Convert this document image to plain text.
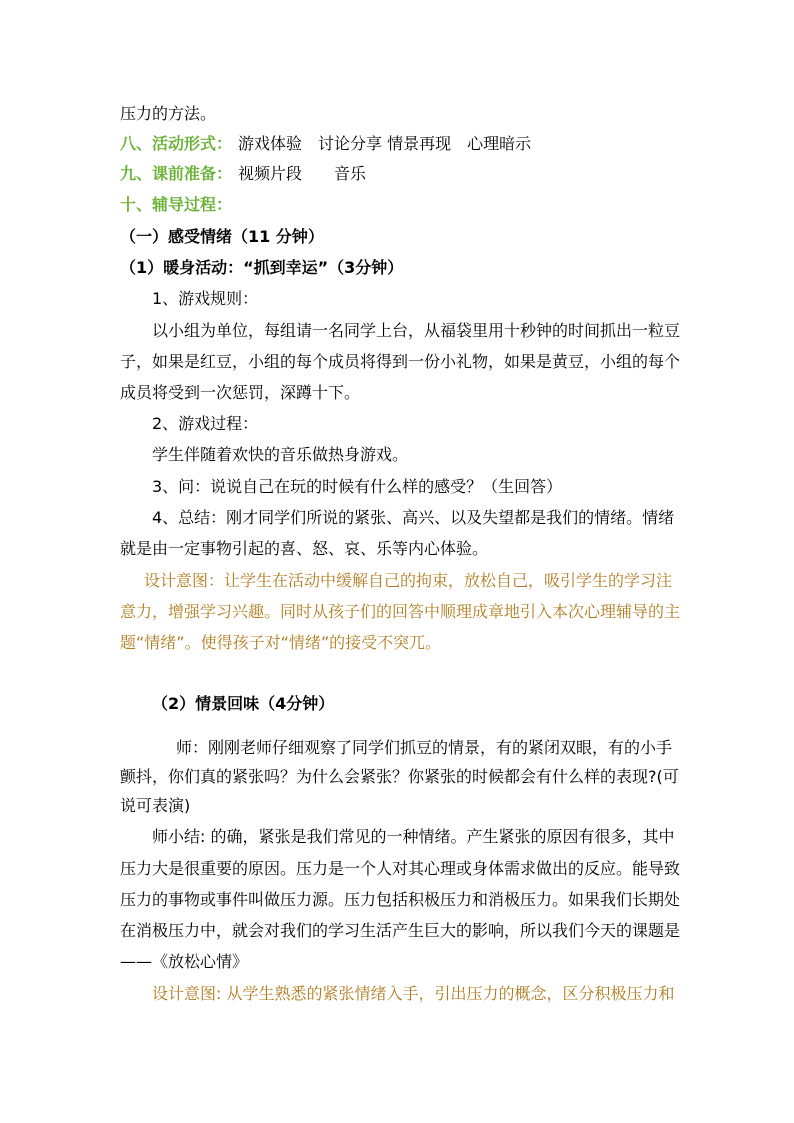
压力的方法。
八、活动形式： 游戏体验　讨论分享 情景再现　心理暗示
九、课前准备： 视频片段　　音乐
十、辅导过程：
（一）感受情绪（11 分钟）
（1）暖身活动：“抓到幸运”（3分钟）
1、游戏规则：
以小组为单位，每组请一名同学上台，从福袋里用十秒钟的时间抓出一粒豆
子，如果是红豆，小组的每个成员将得到一份小礼物，如果是黄豆，小组的每个
成员将受到一次惩罚，深蹲十下。
2、游戏过程：
学生伴随着欢快的音乐做热身游戏。
3、问：说说自己在玩的时候有什么样的感受？（生回答）
4、总结：刚才同学们所说的紧张、高兴、以及失望都是我们的情绪。情绪
就是由一定事物引起的喜、怒、哀、乐等内心体验。
设计意图：让学生在活动中缓解自己的拘束，放松自己，吸引学生的学习注
意力，增强学习兴趣。同时从孩子们的回答中顺理成章地引入本次心理辅导的主
题“情绪”。使得孩子对“情绪”的接受不突兀。
（2）情景回味（4分钟）
师：刚刚老师仔细观察了同学们抓豆的情景，有的紧闭双眼，有的小手
颤抖，你们真的紧张吗？为什么会紧张？你紧张的时候都会有什么样的表现?(可
说可表演)
师小结: 的确，紧张是我们常见的一种情绪。产生紧张的原因有很多，其中
压力大是很重要的原因。压力是一个人对其心理或身体需求做出的反应。能导致
压力的事物或事件叫做压力源。压力包括积极压力和消极压力。如果我们长期处
在消极压力中，就会对我们的学习生活产生巨大的影响，所以我们今天的课题是
——《放松心情》
设计意图: 从学生熟悉的紧张情绪入手，引出压力的概念，区分积极压力和
